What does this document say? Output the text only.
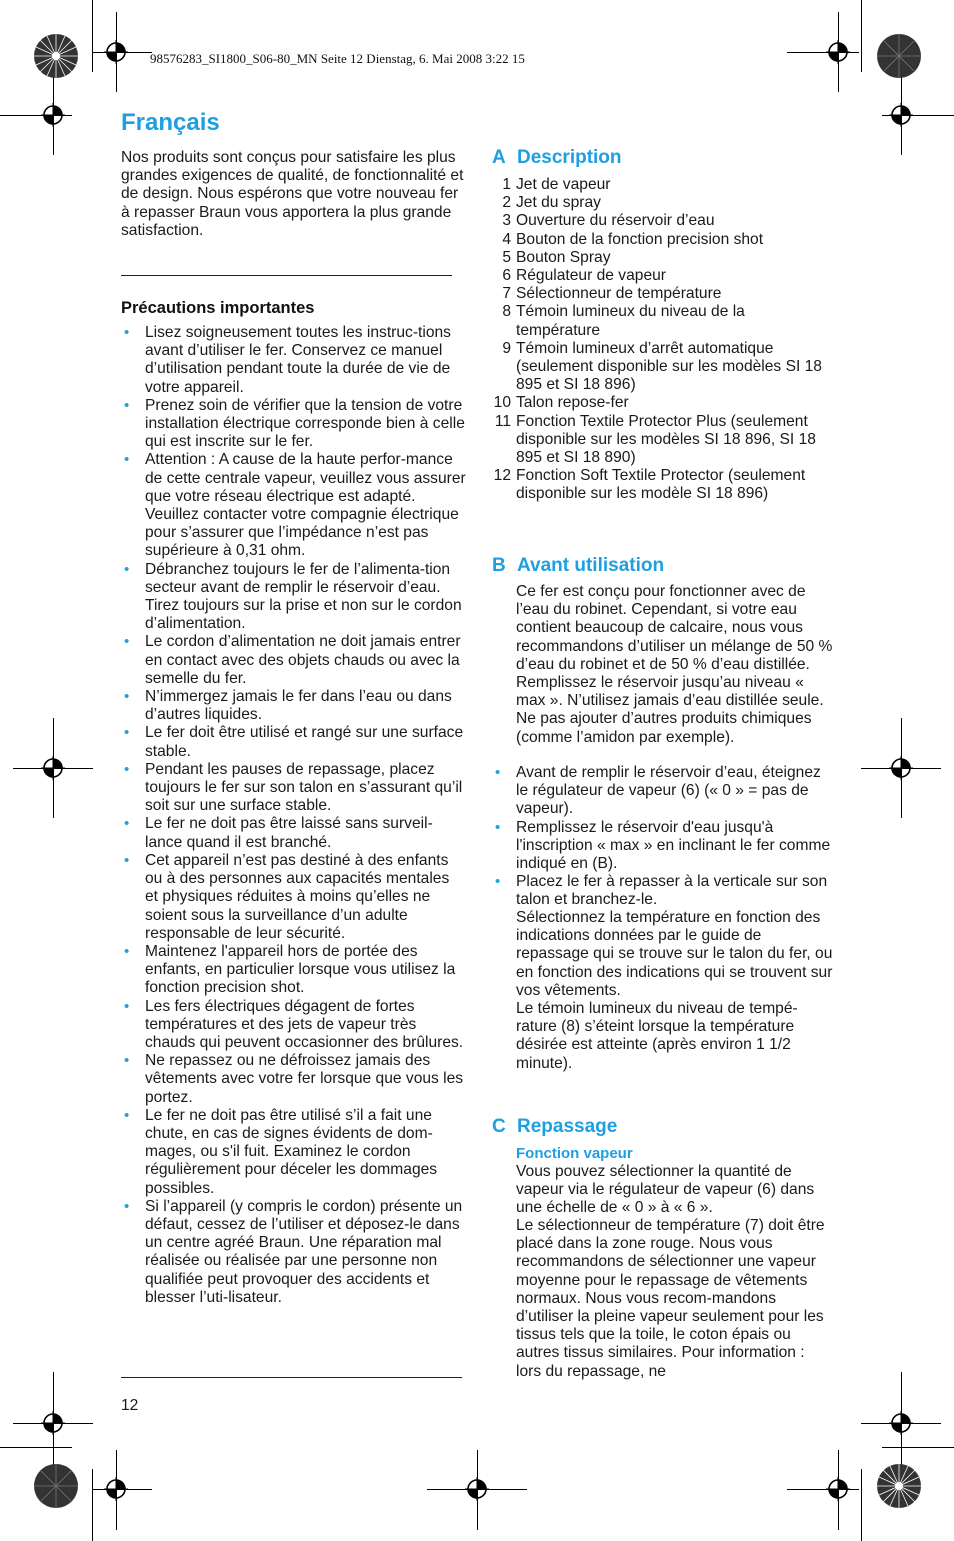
98576283_SI1800_S06-80_MN Seite 12 Dienstag, 6. Mai 2008 3:22 15
Français
Nos produits sont conçus pour satisfaire les plus grandes exigences de qualité, de fonctionnalité et de design. Nous espérons que votre nouveau fer à repasser Braun vous apportera la plus grande satisfaction.
Précautions importantes
• Lisez soigneusement toutes les instruc-tions avant d’utiliser le fer. Conservez ce manuel d’utilisation pendant toute la durée de vie de votre appareil.
• Prenez soin de vérifier que la tension de votre installation électrique corresponde bien à celle qui est inscrite sur le fer.
• Attention : A cause de la haute perfor-mance de cette centrale vapeur, veuillez vous assurer que votre réseau électrique est adapté. Veuillez contacter votre compagnie électrique pour s’assurer que l’impédance n’est pas supérieure à 0,31 ohm.
• Débranchez toujours le fer de l’alimenta-tion secteur avant de remplir le réservoir d’eau. Tirez toujours sur la prise et non sur le cordon d’alimentation.
• Le cordon d’alimentation ne doit jamais entrer en contact avec des objets chauds ou avec la semelle du fer.
• N’immergez jamais le fer dans l’eau ou dans d’autres liquides.
• Le fer doit être utilisé et rangé sur une surface stable.
• Pendant les pauses de repassage, placez toujours le fer sur son talon en s’assurant qu’il soit sur une surface stable.
• Le fer ne doit pas être laissé sans surveil-lance quand il est branché.
• Cet appareil n’est pas destiné à des enfants ou à des personnes aux capacités mentales et physiques réduites à moins qu’elles ne soient sous la surveillance d’un adulte responsable de leur sécurité.
• Maintenez l'appareil hors de portée des enfants, en particulier lorsque vous utilisez la fonction precision shot.
• Les fers électriques dégagent de fortes températures et des jets de vapeur très chauds qui peuvent occasionner des brûlures.
• Ne repassez ou ne défroissez jamais des vêtements avec votre fer lorsque que vous les portez.
• Le fer ne doit pas être utilisé s’il a fait une chute, en cas de signes évidents de dom-mages, ou s'il fuit. Examinez le cordon régulièrement pour déceler les dommages possibles.
• Si l’appareil (y compris le cordon) présente un défaut, cessez de l’utiliser et déposez-le dans un centre agréé Braun. Une réparation mal réalisée ou réalisée par une personne non qualifiée peut provoquer des accidents et blesser l’uti-lisateur.
12
A Description
1 Jet de vapeur
2 Jet du spray
3 Ouverture du réservoir d’eau
4 Bouton de la fonction precision shot
5 Bouton Spray
6 Régulateur de vapeur
7 Sélectionneur de température
8 Témoin lumineux du niveau de la température
9 Témoin lumineux d’arrêt automatique (seulement disponible sur les modèles SI 18 895 et SI 18 896)
10 Talon repose-fer
11 Fonction Textile Protector Plus (seulement disponible sur les modèles SI 18 896, SI 18 895 et SI 18 890)
12 Fonction Soft Textile Protector (seulement disponible sur les modèle SI 18 896)
B Avant utilisation
Ce fer est conçu pour fonctionner avec de l’eau du robinet. Cependant, si votre eau contient beaucoup de calcaire, nous vous recommandons d’utiliser un mélange de 50 % d’eau du robinet et de 50 % d’eau distillée. Remplissez le réservoir jusqu’au niveau « max ». N’utilisez jamais d’eau distillée seule. Ne pas ajouter d’autres produits chimiques (comme l’amidon par exemple).
• Avant de remplir le réservoir d’eau, éteignez le régulateur de vapeur (6) (« 0 » = pas de vapeur).
• Remplissez le réservoir d'eau jusqu'à l'inscription « max » en inclinant le fer comme indiqué en (B).
• Placez le fer à repasser à la verticale sur son talon et branchez-le.
Sélectionnez la température en fonction des indications données par le guide de repassage qui se trouve sur le talon du fer, ou en fonction des indications qui se trouvent sur vos vêtements.
Le témoin lumineux du niveau de tempé-rature (8) s’éteint lorsque la température désirée est atteinte (après environ 1 1/2 minute).
C Repassage
Fonction vapeur
Vous pouvez sélectionner la quantité de vapeur via le régulateur de vapeur (6) dans une échelle de « 0 » à « 6 ».
Le sélectionneur de température (7) doit être placé dans la zone rouge. Nous vous recommandons de sélectionner une vapeur moyenne pour le repassage de vêtements normaux. Nous vous recom-mandons d’utiliser la pleine vapeur seulement pour les tissus tels que la toile, le coton épais ou autres tissus similaires. Pour information : lors du repassage, ne
